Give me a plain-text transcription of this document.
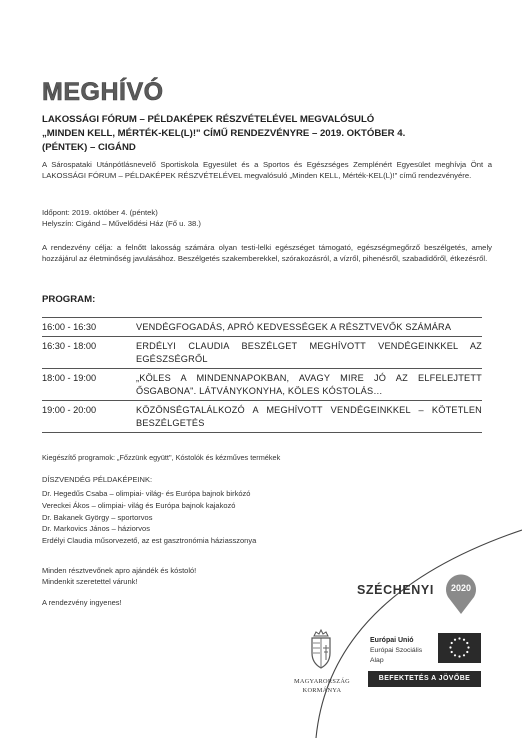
MEGHÍVÓ
LAKOSSÁGI FÓRUM – PÉLDAKÉPEK RÉSZVÉTELÉVEL MEGVALÓSULÓ
„MINDEN KELL, MÉRTÉK-KEL(L)!" CÍMŰ RENDEZVÉNYRE – 2019. OKTÓBER 4.
(PÉNTEK) – CIGÁND
A Sárospataki Utánpótlásnevelő Sportiskola Egyesület és a Sportos és Egészséges Zemplénért Egyesület meghívja Önt a LAKOSSÁGI FÓRUM – PÉLDAKÉPEK RÉSZVÉTELÉVEL megvalósuló „Minden KELL, Mérték-KEL(L)!" című rendezvényére.
Időpont: 2019. október 4. (péntek)
Helyszín: Cigánd – Művelődési Ház (Fő u. 38.)
A rendezvény célja: a felnőtt lakosság számára olyan testi-lelki egészséget támogató, egészségmegőrző beszélgetés, amely hozzájárul az életminőség javulásához. Beszélgetés szakemberekkel, szórakozásról, a vízről, pihenésről, szabadidőről, étkezésről.
PROGRAM:
16:00 - 16:30	VENDÉGFOGADÁS, APRÓ KEDVESSÉGEK A RÉSZTVEVŐK SZÁMÁRA
16:30 - 18:00	ERDÉLYI CLAUDIA BESZÉLGET MEGHÍVOTT VENDÉGEINKKEL AZ EGÉSZSÉGRŐL
18:00 - 19:00	„KÖLES A MINDENNAPOKBAN, AVAGY MIRE JÓ AZ ELFELEJTETT ŐSGABONA". LÁTVÁNYKONYHA, KÖLES KÓSTOLÁS…
19:00 - 20:00	KÖZÖNSÉGTALÁLKOZÓ A MEGHÍVOTT VENDÉGEINKKEL – KÖTETLEN BESZÉLGETÉS
Kiegészítő programok: „Főzzünk együtt", Kóstolók és kézműves termékek
DÍSZVENDÉG PÉLDAKÉPEINK:
Dr. Hegedűs Csaba – olimpiai- világ- és Európa bajnok birkózó
Vereckei Ákos – olimpiai- világ és Európa bajnok kajakozó
Dr. Bakanek György – sportorvos
Dr. Markovics János – háziorvos
Erdélyi Claudia műsorvezető, az est gasztronómia háziasszonya
Minden résztvevőnek apro ajándék és kóstoló!
Mindenkit szeretettel várunk!
A rendezvény ingyenes!
SZÉCHENYI 2020
MAGYARORSZÁG
KORMÁNYA
Európai Unió
Európai Szociális
Alap
BEFEKTETÉS A JÖVŐBE
